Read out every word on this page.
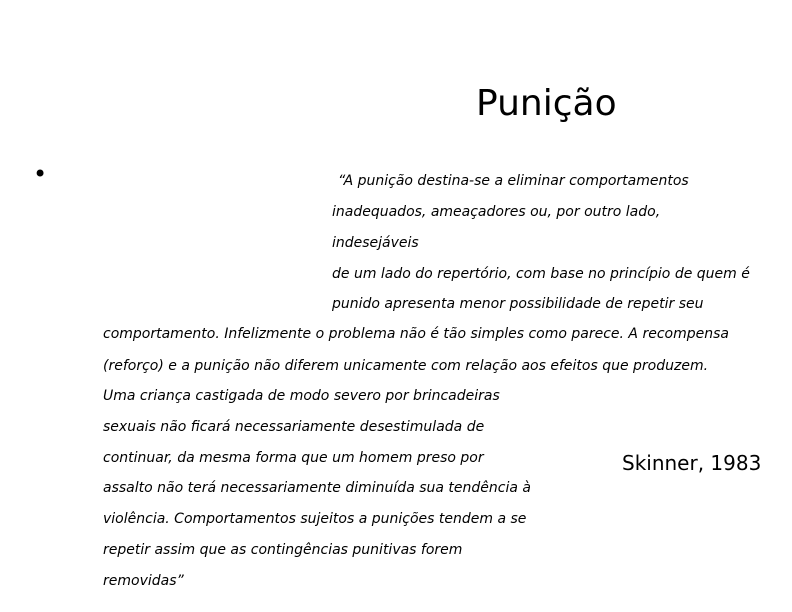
Punição
•	“A punição destina-se a eliminar comportamentos
inadequados, ameaçadores ou, por outro lado,
indesejáveis
de um lado do repertório, com base no princípio de quem é
punido apresenta menor possibilidade de repetir seu
comportamento. Infelizmente o problema não é tão simples como parece. A recompensa
(reforço) e a punição não diferem unicamente com relação aos efeitos que produzem.
Uma criança castigada de modo severo por brincadeiras
sexuais não ficará necessariamente desestimulada de
continuar, da mesma forma que um homem preso por
assalto não terá necessariamente diminuída sua tendência à
violência. Comportamentos sujeitos a punições tendem a se
repetir assim que as contingências punitivas forem
removidas”
Skinner, 1983
